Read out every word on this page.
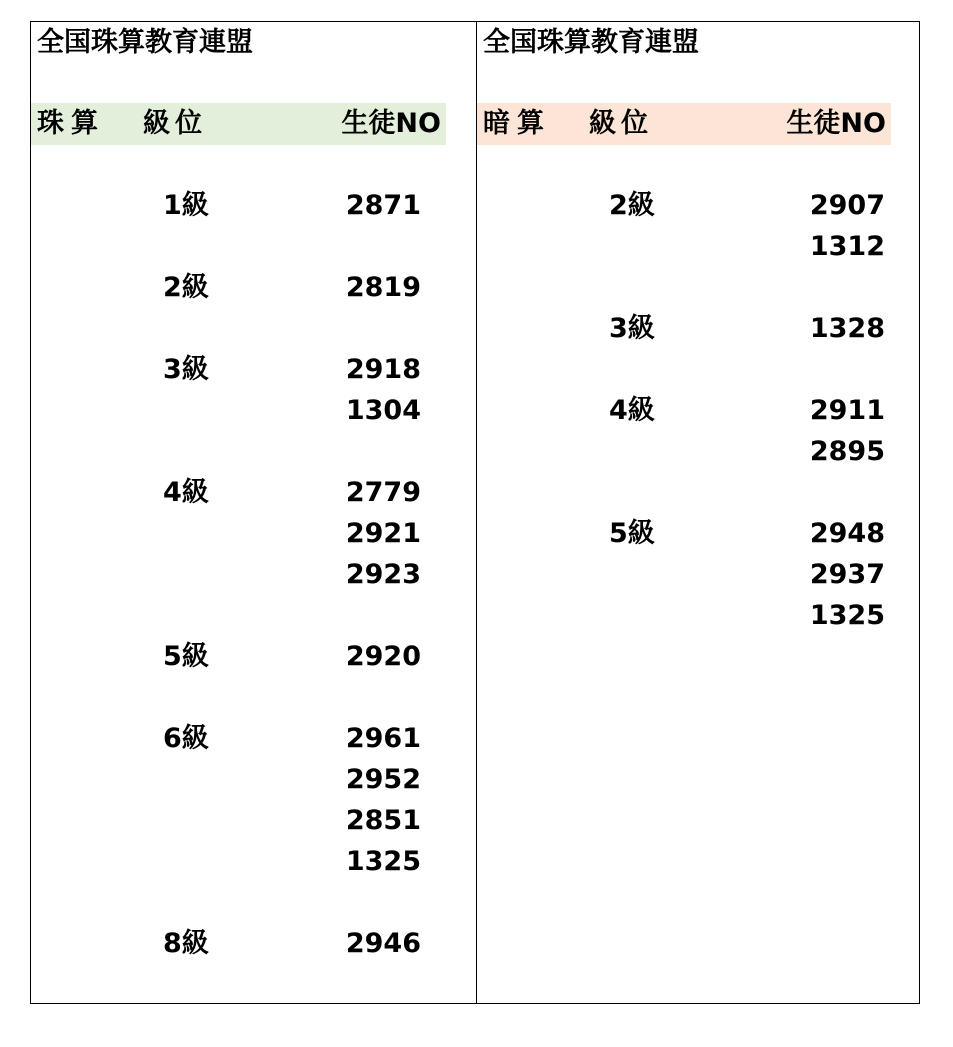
全国珠算教育連盟
珠算 級位	生徒NO
1級	2871
2級	2819
3級	2918
1304
4級	2779
2921
2923
5級	2920
6級	2961
2952
2851
1325
8級	2946
全国珠算教育連盟
暗算 級位	生徒NO
2級	2907
1312
3級	1328
4級	2911
2895
5級	2948
2937
1325
